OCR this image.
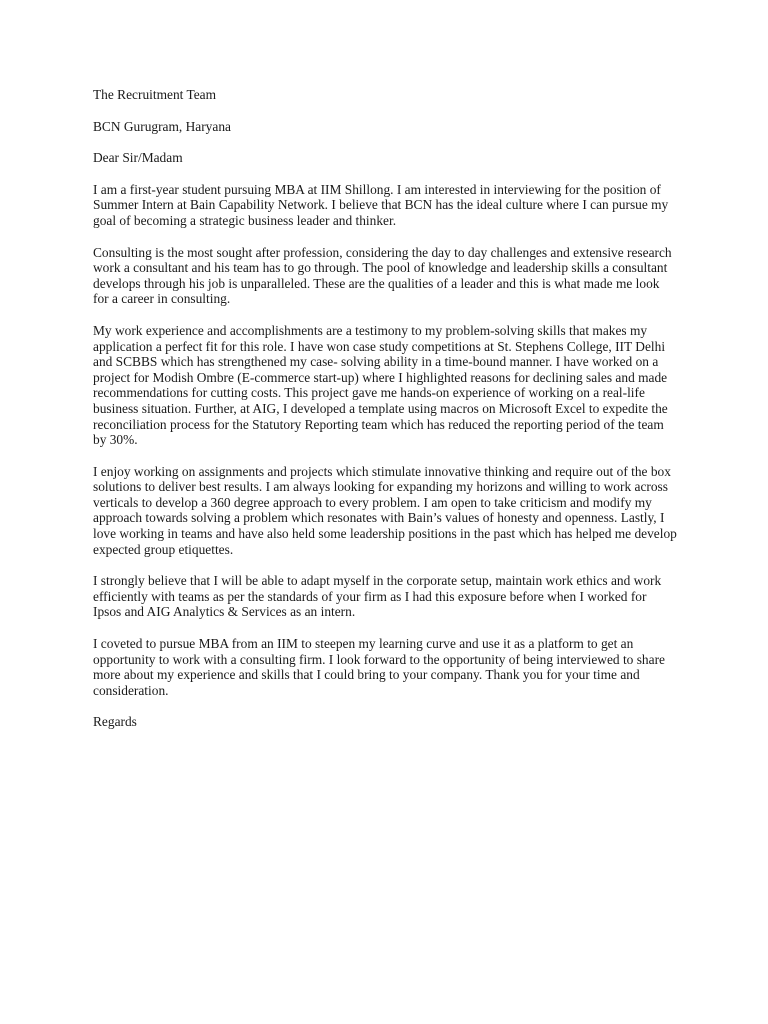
The Recruitment Team

BCN Gurugram, Haryana

Dear Sir/Madam

I am a first-year student pursuing MBA at IIM Shillong. I am interested in interviewing for the position of Summer Intern at Bain Capability Network. I believe that BCN has the ideal culture where I can pursue my goal of becoming a strategic business leader and thinker.

Consulting is the most sought after profession, considering the day to day challenges and extensive research work a consultant and his team has to go through. The pool of knowledge and leadership skills a consultant develops through his job is unparalleled. These are the qualities of a leader and this is what made me look for a career in consulting.

My work experience and accomplishments are a testimony to my problem-solving skills that makes my application a perfect fit for this role. I have won case study competitions at St. Stephens College, IIT Delhi and SCBBS which has strengthened my case- solving ability in a time-bound manner. I have worked on a project for Modish Ombre (E-commerce start-up) where I highlighted reasons for declining sales and made recommendations for cutting costs. This project gave me hands-on experience of working on a real-life business situation. Further, at AIG, I developed a template using macros on Microsoft Excel to expedite the reconciliation process for the Statutory Reporting team which has reduced the reporting period of the team by 30%.

I enjoy working on assignments and projects which stimulate innovative thinking and require out of the box solutions to deliver best results. I am always looking for expanding my horizons and willing to work across verticals to develop a 360 degree approach to every problem. I am open to take criticism and modify my approach towards solving a problem which resonates with Bain’s values of honesty and openness. Lastly, I love working in teams and have also held some leadership positions in the past which has helped me develop expected group etiquettes.

I strongly believe that I will be able to adapt myself in the corporate setup, maintain work ethics and work efficiently with teams as per the standards of your firm as I had this exposure before when I worked for Ipsos and AIG Analytics & Services as an intern.

I coveted to pursue MBA from an IIM to steepen my learning curve and use it as a platform to get an opportunity to work with a consulting firm. I look forward to the opportunity of being interviewed to share more about my experience and skills that I could bring to your company. Thank you for your time and consideration.

Regards
